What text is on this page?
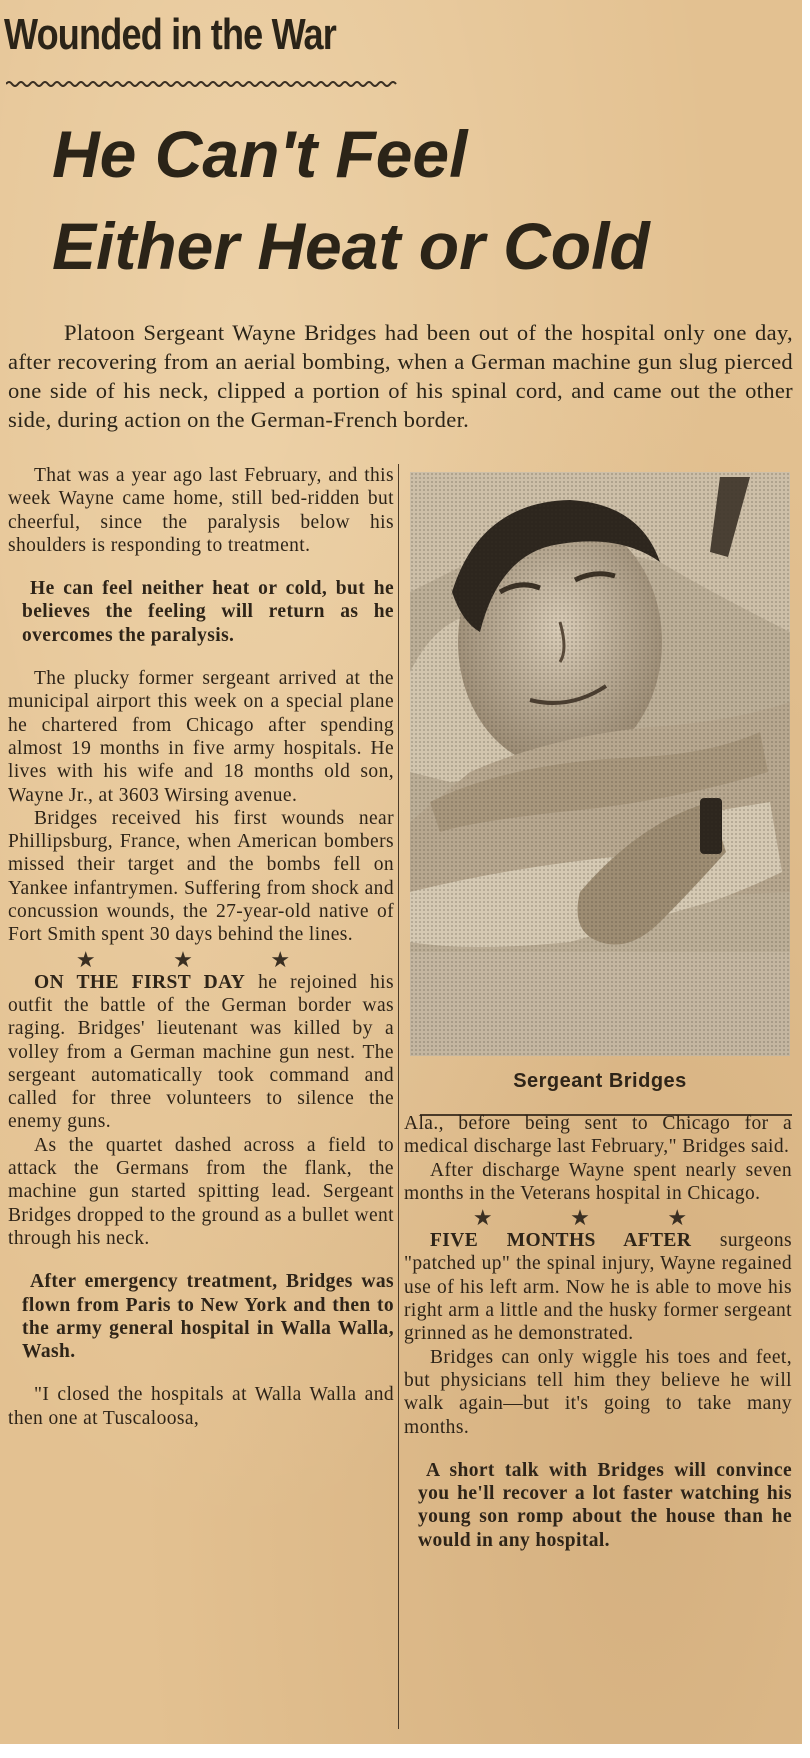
Wounded in the War
He Can't Feel
Either Heat or Cold

Platoon Sergeant Wayne Bridges had been out of the hospital only one day, after recovering from an aerial bombing, when a German machine gun slug pierced one side of his neck, clipped a portion of his spinal cord, and came out the other side, during action on the German-French border.

That was a year ago last February, and this week Wayne came home, still bed-ridden but cheerful, since the paralysis below his shoulders is responding to treatment.

He can feel neither heat or cold, but he believes the feeling will return as he overcomes the paralysis.

The plucky former sergeant arrived at the municipal airport this week on a special plane he chartered from Chicago after spending almost 19 months in five army hospitals. He lives with his wife and 18 months old son, Wayne Jr., at 3603 Wirsing avenue.

Bridges received his first wounds near Phillipsburg, France, when American bombers missed their target and the bombs fell on Yankee infantrymen. Suffering from shock and concussion wounds, the 27-year-old native of Fort Smith spent 30 days behind the lines.

★ ★ ★

ON THE FIRST DAY he rejoined his outfit the battle of the German border was raging. Bridges' lieutenant was killed by a volley from a German machine gun nest. The sergeant automatically took command and called for three volunteers to silence the enemy guns.

As the quartet dashed across a field to attack the Germans from the flank, the machine gun started spitting lead. Sergeant Bridges dropped to the ground as a bullet went through his neck.

After emergency treatment, Bridges was flown from Paris to New York and then to the army general hospital in Walla Walla, Wash.

"I closed the hospitals at Walla Walla and then one at Tuscaloosa,

Sergeant Bridges

Ala., before being sent to Chicago for a medical discharge last February," Bridges said.

After discharge Wayne spent nearly seven months in the Veterans hospital in Chicago.

★ ★ ★

FIVE MONTHS AFTER surgeons "patched up" the spinal injury, Wayne regained use of his left arm. Now he is able to move his right arm a little and the husky former sergeant grinned as he demonstrated.

Bridges can only wiggle his toes and feet, but physicians tell him they believe he will walk again—but it's going to take many months.

A short talk with Bridges will convince you he'll recover a lot faster watching his young son romp about the house than he would in any hospital.
